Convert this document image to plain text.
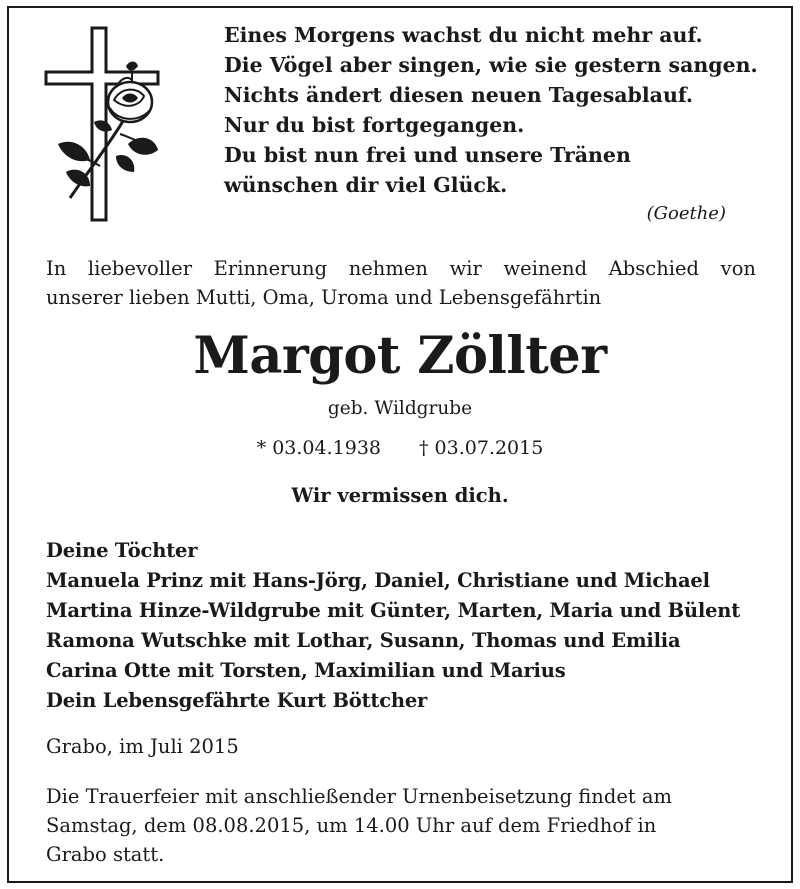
Eines Morgens wachst du nicht mehr auf.
Die Vögel aber singen, wie sie gestern sangen.
Nichts ändert diesen neuen Tagesablauf.
Nur du bist fortgegangen.
Du bist nun frei und unsere Tränen
wünschen dir viel Glück.
(Goethe)
In liebevoller Erinnerung nehmen wir weinend Abschied von
unserer lieben Mutti, Oma, Uroma und Lebensgefährtin
Margot Zöllter
geb. Wildgrube
* 03.04.1938 † 03.07.2015
Wir vermissen dich.
Deine Töchter
Manuela Prinz mit Hans-Jörg, Daniel, Christiane und Michael
Martina Hinze-Wildgrube mit Günter, Marten, Maria und Bülent
Ramona Wutschke mit Lothar, Susann, Thomas und Emilia
Carina Otte mit Torsten, Maximilian und Marius
Dein Lebensgefährte Kurt Böttcher
Grabo, im Juli 2015
Die Trauerfeier mit anschließender Urnenbeisetzung findet am
Samstag, dem 08.08.2015, um 14.00 Uhr auf dem Friedhof in
Grabo statt.
